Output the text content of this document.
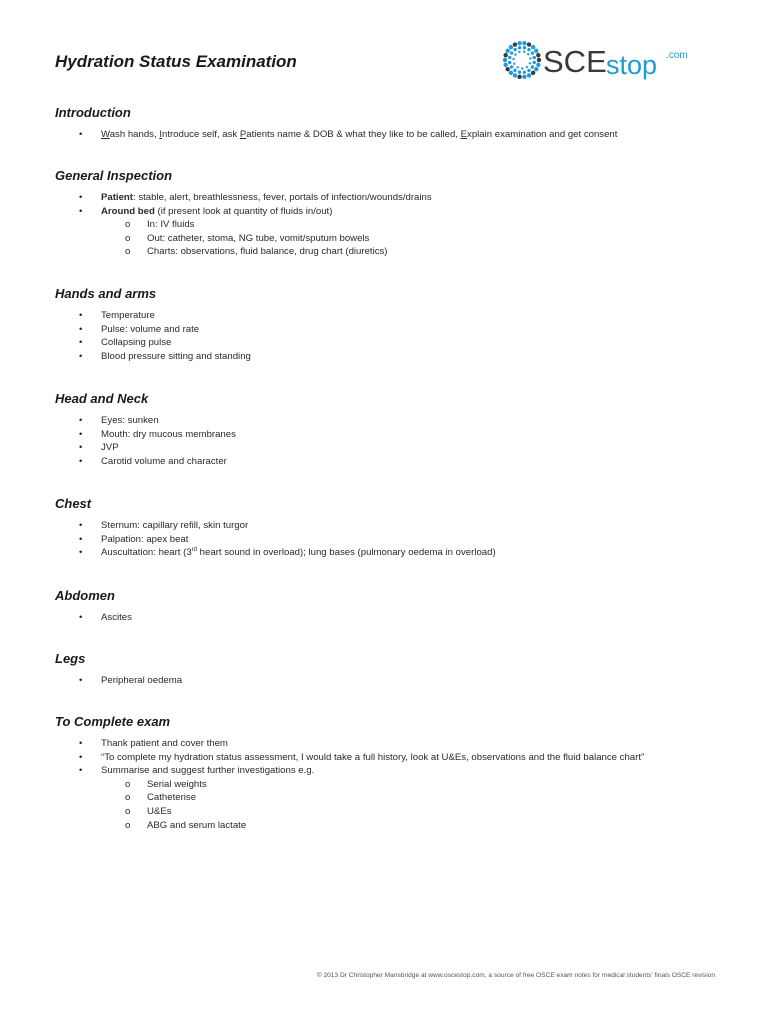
Hydration Status Examination
O
SCE stop .com
Introduction
• Wash hands, Introduce self, ask Patients name & DOB & what they like to be called, Explain examination and get consent
General Inspection
• Patient: stable, alert, breathlessness, fever, portals of infection/wounds/drains
• Around bed (if present look at quantity of fluids in/out)
o In: IV fluids
o Out: catheter, stoma, NG tube, vomit/sputum bowels
o Charts: observations, fluid balance, drug chart (diuretics)
Hands and arms
• Temperature
• Pulse: volume and rate
• Collapsing pulse
• Blood pressure sitting and standing
Head and Neck
• Eyes: sunken
• Mouth: dry mucous membranes
• JVP
• Carotid volume and character
Chest
• Sternum: capillary refill, skin turgor
• Palpation: apex beat
• Auscultation: heart (3rd heart sound in overload); lung bases (pulmonary oedema in overload)
Abdomen
• Ascites
Legs
• Peripheral oedema
To Complete exam
• Thank patient and cover them
• “To complete my hydration status assessment, I would take a full history, look at U&Es, observations and the fluid balance chart”
• Summarise and suggest further investigations e.g.
o Serial weights
o Catheterise
o U&Es
o ABG and serum lactate
© 2013 Dr Christopher Mansbridge at www.oscestop.com, a source of free OSCE exam notes for medical students’ finals OSCE revision
